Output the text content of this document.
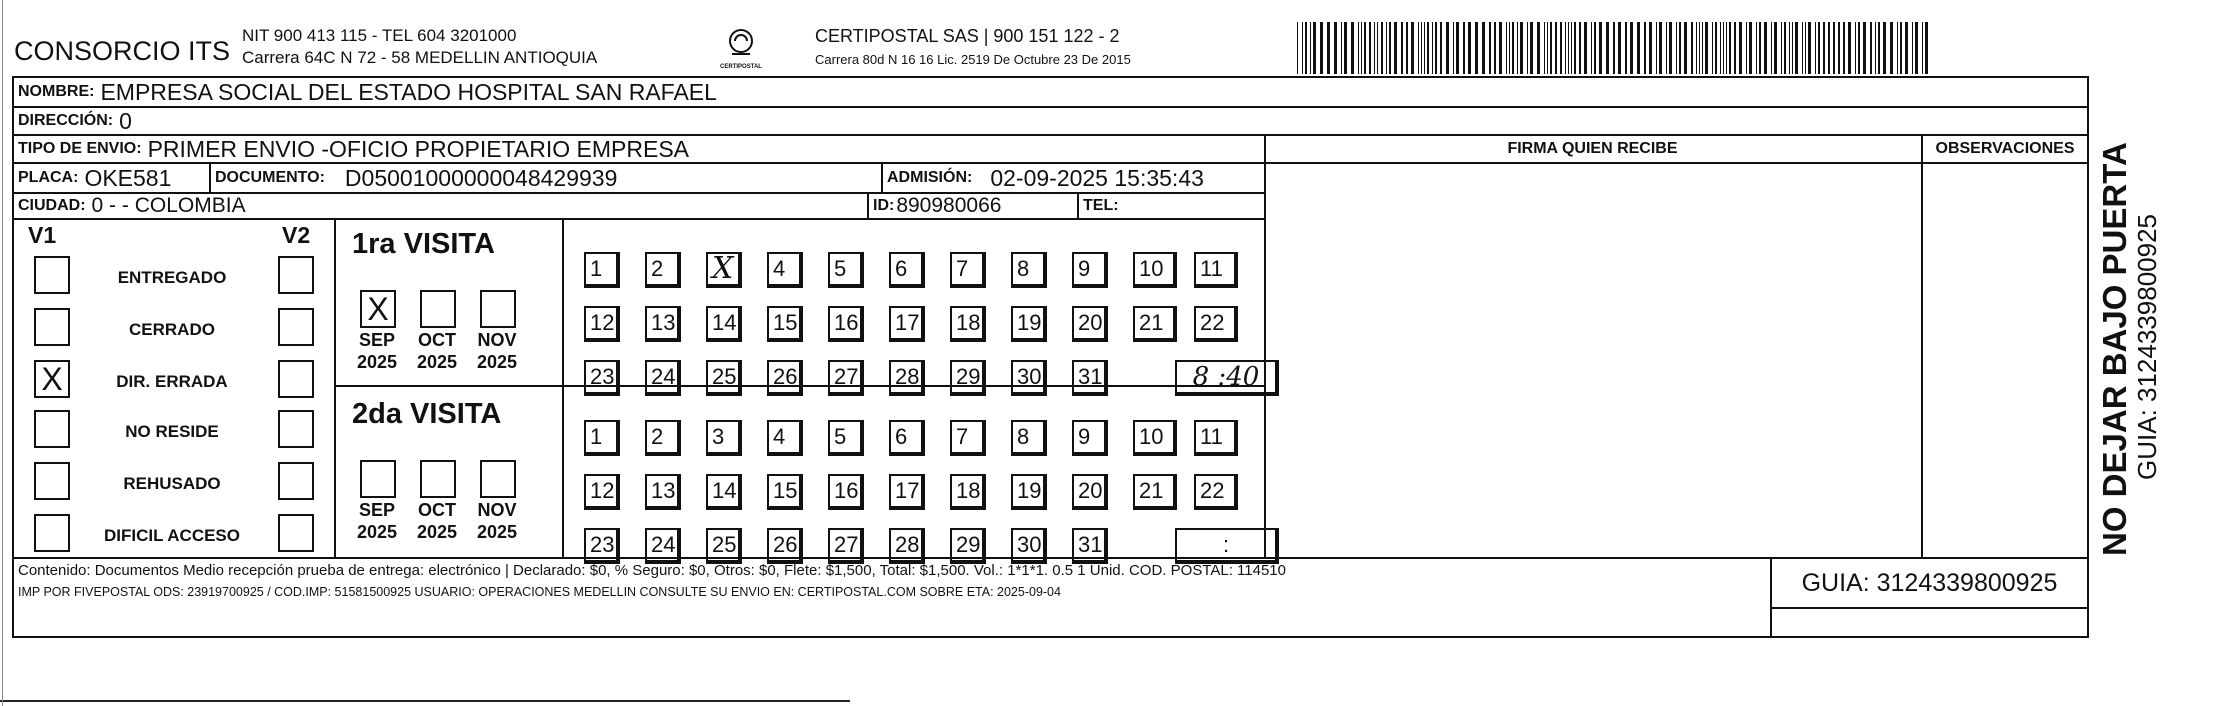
CONSORCIO ITS
NIT 900 413 115 - TEL 604 3201000
Carrera 64C N 72 - 58 MEDELLIN ANTIOQUIA	CERTIPOSTAL
CERTIPOSTAL SAS | 900 151 122 - 2
Carrera 80d N 16 16 Lic. 2519 De Octubre 23 De 2015
NOMBRE: EMPRESA SOCIAL DEL ESTADO HOSPITAL SAN RAFAEL
DIRECCIÓN: 0
TIPO DE ENVIO: PRIMER ENVIO -OFICIO PROPIETARIO EMPRESA	FIRMA QUIEN RECIBE	OBSERVACIONES
PLACA: OKE581	DOCUMENTO: D05001000000048429939	ADMISIÓN: 02-09-2025 15:35:43
CIUDAD: 0 - - COLOMBIA	ID: 890980066	TEL:
V1	V2
ENTREGADO
CERRADO
X	DIR. ERRADA
NO RESIDE
REHUSADO
DIFICIL ACCESO
1ra VISITA
2da VISITA
X
SEP
2025
OCT
2025
NOV
2025
SEP
2025
OCT
2025
NOV
2025
1	2	X	4	5	6	7	8	9	10	11
12 13 14 15 16 17 18 19 20 21	22
23 24 25 26 27 28 29 30 31	8 :40
1	2	3	4	5	6	7	8	9	10	11
12 13 14 15 16 17 18 19 20 21	22
23 24 25 26 27 28 29 30 31	:
Contenido: Documentos Medio recepción prueba de entrega: electrónico | Declarado: $0, % Seguro: $0, Otros: $0, Flete: $1,500, Total: $1,500. Vol.: 1*1*1. 0.5 1 Unid. COD. POSTAL: 114510
IMP POR FIVEPOSTAL ODS: 23919700925 / COD.IMP: 51581500925 USUARIO: OPERACIONES MEDELLIN CONSULTE SU ENVIO EN: CERTIPOSTAL.COM SOBRE ETA: 2025-09-04	GUIA: 3124339800925
NO DEJAR BAJO PUERTA GUIA: 3124339800925
